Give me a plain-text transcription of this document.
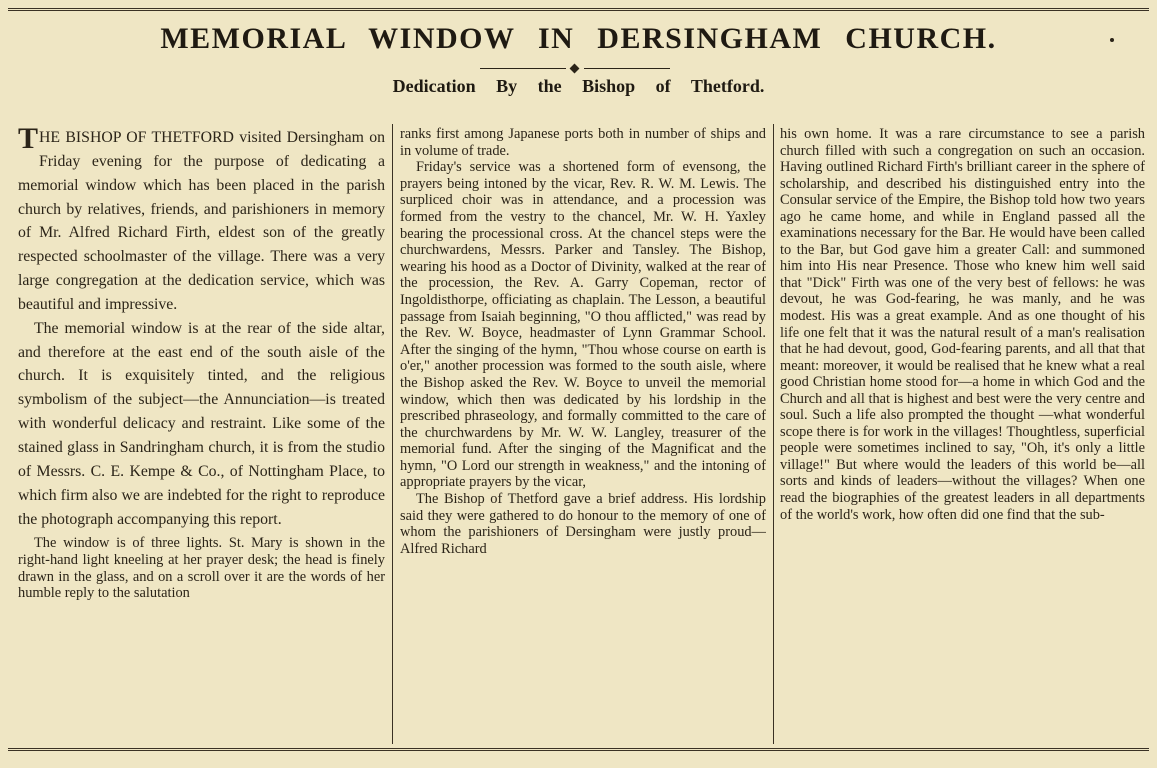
MEMORIAL WINDOW IN DERSINGHAM CHURCH.
Dedication By the Bishop of Thetford.

THE BISHOP OF THETFORD visited Dersingham on Friday evening for the purpose of dedicating a memorial window which has been placed in the parish church by relatives, friends, and parishioners in memory of Mr. Alfred Richard Firth, eldest son of the greatly respected schoolmaster of the village. There was a very large congregation at the dedication service, which was beautiful and impressive.

The memorial window is at the rear of the side altar, and therefore at the east end of the south aisle of the church. It is exquisitely tinted, and the religious symbolism of the subject—the Annunciation—is treated with wonderful delicacy and restraint. Like some of the stained glass in Sandringham church, it is from the studio of Messrs. C. E. Kempe & Co., of Nottingham Place, to which firm also we are indebted for the right to reproduce the photograph accompanying this report.

The window is of three lights. St. Mary is shown in the right-hand light kneeling at her prayer desk; the head is finely drawn in the glass, and on a scroll over it are the words of her humble reply to the salutation

ranks first among Japanese ports both in number of ships and in volume of trade.

Friday's service was a shortened form of evensong, the prayers being intoned by the vicar, Rev. R. W. M. Lewis. The surpliced choir was in attendance, and a procession was formed from the vestry to the chancel, Mr. W. H. Yaxley bearing the processional cross. At the chancel steps were the churchwardens, Messrs. Parker and Tansley. The Bishop, wearing his hood as a Doctor of Divinity, walked at the rear of the procession, the Rev. A. Garry Copeman, rector of Ingoldisthorpe, officiating as chaplain. The Lesson, a beautiful passage from Isaiah beginning, "O thou afflicted," was read by the Rev. W. Boyce, headmaster of Lynn Grammar School. After the singing of the hymn, "Thou whose course on earth is o'er," another procession was formed to the south aisle, where the Bishop asked the Rev. W. Boyce to unveil the memorial window, which then was dedicated by his lordship in the prescribed phraseology, and formally committed to the care of the churchwardens by Mr. W. W. Langley, treasurer of the memorial fund. After the singing of the Magnificat and the hymn, "O Lord our strength in weakness," and the intoning of appropriate prayers by the vicar,

The Bishop of Thetford gave a brief address. His lordship said they were gathered to do honour to the memory of one of whom the parishioners of Dersingham were justly proud—Alfred Richard

his own home. It was a rare circumstance to see a parish church filled with such a congregation on such an occasion. Having outlined Richard Firth's brilliant career in the sphere of scholarship, and described his distinguished entry into the Consular service of the Empire, the Bishop told how two years ago he came home, and while in England passed all the examinations necessary for the Bar. He would have been called to the Bar, but God gave him a greater Call: and summoned him into His near Presence. Those who knew him well said that "Dick" Firth was one of the very best of fellows: he was devout, he was God-fearing, he was manly, and he was modest. His was a great example. And as one thought of his life one felt that it was the natural result of a man's realisation that he had devout, good, God-fearing parents, and all that that meant: moreover, it would be realised that he knew what a real good Christian home stood for—a home in which God and the Church and all that is highest and best were the very centre and soul. Such a life also prompted the thought —what wonderful scope there is for work in the villages! Thoughtless, superficial people were sometimes inclined to say, "Oh, it's only a little village!" But where would the leaders of this world be—all sorts and kinds of leaders—without the villages? When one read the biographies of the greatest leaders in all departments of the world's work, how often did one find that the sub-
